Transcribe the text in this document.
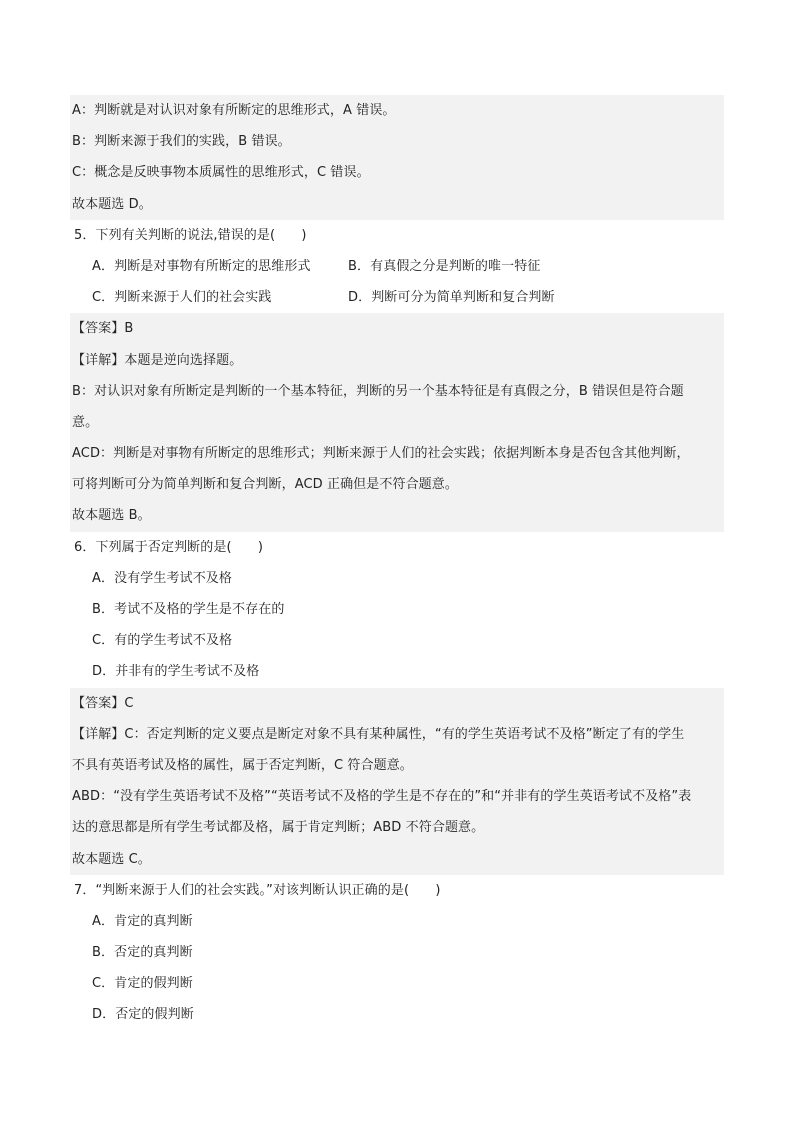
A：判断就是对认识对象有所断定的思维形式，A 错误。
B：判断来源于我们的实践，B 错误。
C：概念是反映事物本质属性的思维形式，C 错误。
故本题选 D。
5．下列有关判断的说法,错误的是(　　)
A．判断是对事物有所断定的思维形式	B．有真假之分是判断的唯一特征
C．判断来源于人们的社会实践	D．判断可分为简单判断和复合判断
【答案】B
【详解】本题是逆向选择题。
B：对认识对象有所断定是判断的一个基本特征，判断的另一个基本特征是有真假之分，B 错误但是符合题
意。
ACD：判断是对事物有所断定的思维形式；判断来源于人们的社会实践；依据判断本身是否包含其他判断，
可将判断可分为简单判断和复合判断，ACD 正确但是不符合题意。
故本题选 B。
6．下列属于否定判断的是(　　)
A．没有学生考试不及格
B．考试不及格的学生是不存在的
C．有的学生考试不及格
D．并非有的学生考试不及格
【答案】C
【详解】C：否定判断的定义要点是断定对象不具有某种属性，“有的学生英语考试不及格”断定了有的学生
不具有英语考试及格的属性，属于否定判断，C 符合题意。
ABD：“没有学生英语考试不及格”“英语考试不及格的学生是不存在的”和“并非有的学生英语考试不及格”表
达的意思都是所有学生考试都及格，属于肯定判断；ABD 不符合题意。
故本题选 C。
7．“判断来源于人们的社会实践。”对该判断认识正确的是(　　)
A．肯定的真判断
B．否定的真判断
C．肯定的假判断
D．否定的假判断
